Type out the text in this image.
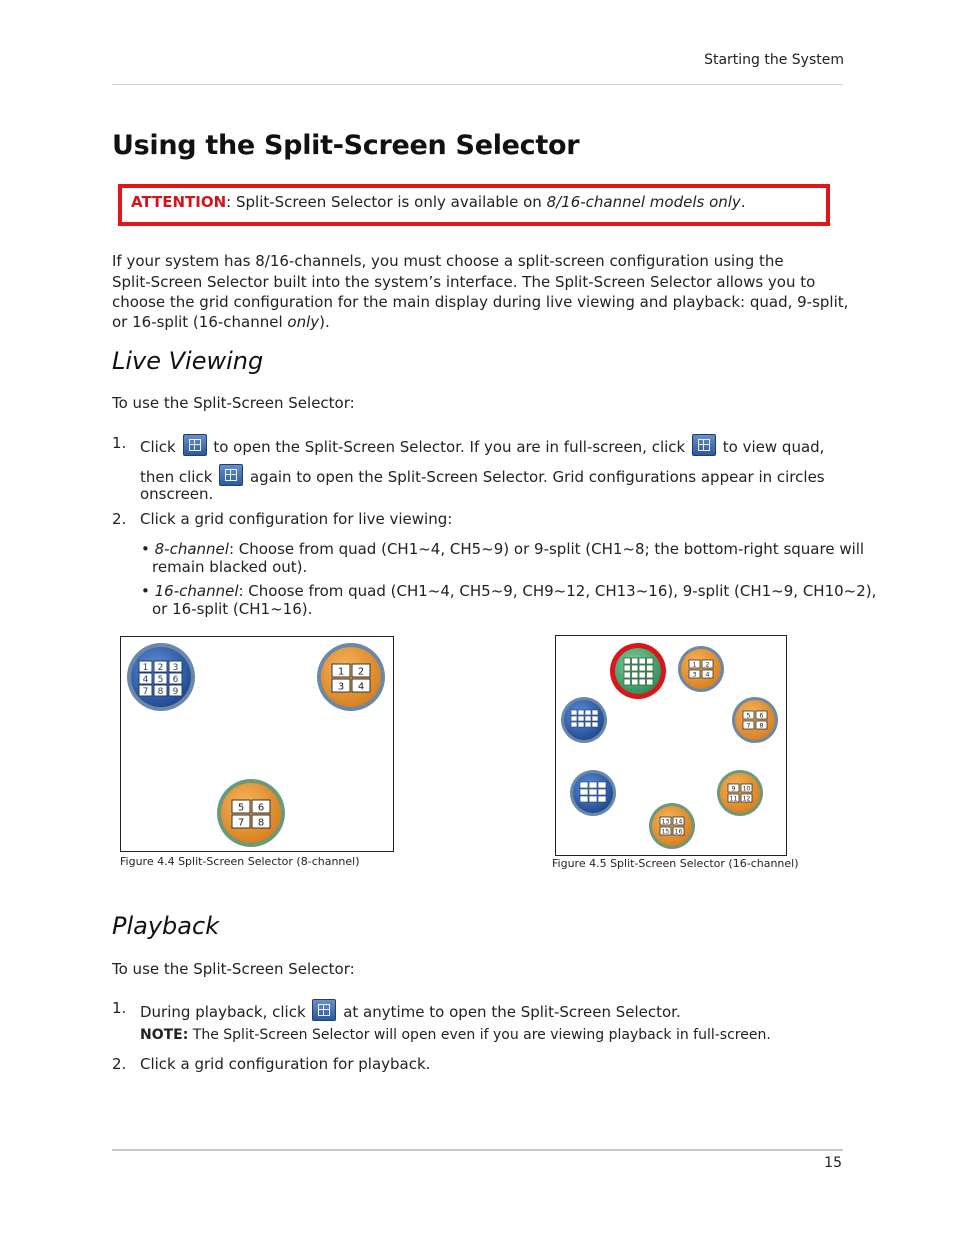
Starting the System
Using the Split-Screen Selector
ATTENTION: Split-Screen Selector is only available on 8/16-channel models only.
If your system has 8/16-channels, you must choose a split-screen configuration using the
Split-Screen Selector built into the system’s interface. The Split-Screen Selector allows you to
choose the grid configuration for the main display during live viewing and playback: quad, 9-split,
or 16-split (16-channel only).
Live Viewing
To use the Split-Screen Selector:
1. Click	to open the Split-Screen Selector. If you are in full-screen, click	to view quad,
then click	again to open the Split-Screen Selector. Grid configurations appear in circles
onscreen.
2. Click a grid configuration for live viewing:
• 8-channel: Choose from quad (CH1~4, CH5~9) or 9-split (CH1~8; the bottom-right square will
remain blacked out).
• 16-channel: Choose from quad (CH1~4, CH5~9, CH9~12, CH13~16), 9-split (CH1~9, CH10~2),
or 16-split (CH1~16).
1 2 3
4 5 6
7 8 9
1 2
3 4
5 6
7 8
Figure 4.4 Split-Screen Selector (8-channel)
1 2
3 4
5 6
7 8
9 10
11 12
13 14
15 16
Figure 4.5 Split-Screen Selector (16-channel)
Playback
To use the Split-Screen Selector:
1. During playback, click	at anytime to open the Split-Screen Selector.
NOTE: The Split-Screen Selector will open even if you are viewing playback in full-screen.
2. Click a grid configuration for playback.
15
